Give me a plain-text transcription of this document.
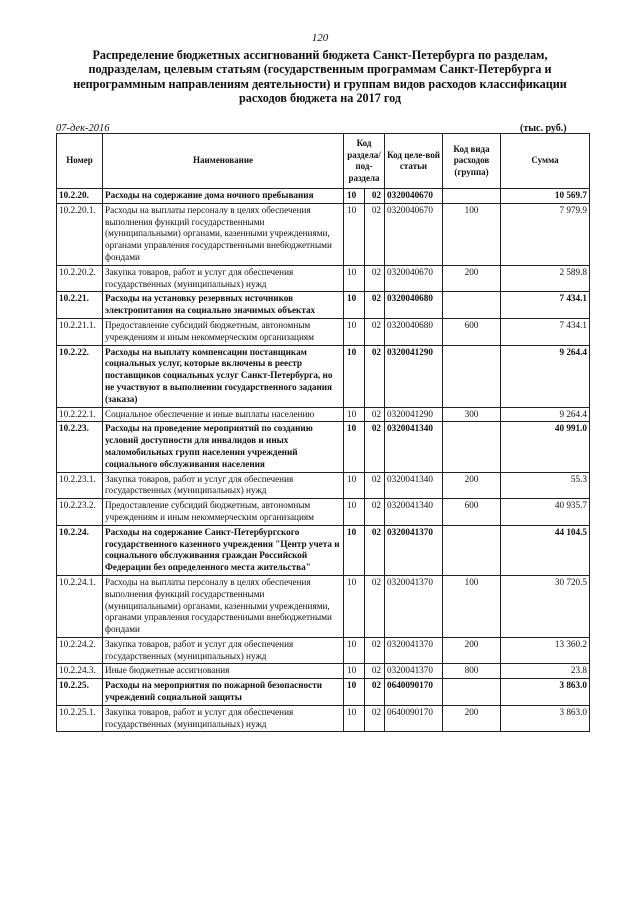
120
Распределение бюджетных ассигнований бюджета Санкт-Петербурга по разделам, подразделам, целевым статьям (государственным программам Санкт-Петербурга и непрограммным направлениям деятельности) и группам видов расходов классификации расходов бюджета на 2017 год
07-дек-2016	(тыс. руб.)
Номер	Наименование	Код раздела/ под-раздела		Код целе-вой статьи	Код вида расходов (группа)	Сумма
10.2.20.	Расходы на содержание дома ночного пребывания	10	02	0320040670		10 569.7
10.2.20.1.	Расходы на выплаты персоналу в целях обеспечения выполнения функций государственными (муниципальными) органами, казенными учреждениями, органами управления государственными внебюджетными фондами	10	02	0320040670	100	7 979.9
10.2.20.2.	Закупка товаров, работ и услуг для обеспечения государственных (муниципальных) нужд	10	02	0320040670	200	2 589.8
10.2.21.	Расходы на установку резервных источников электропитания на социально значимых объектах	10	02	0320040680		7 434.1
10.2.21.1.	Предоставление субсидий бюджетным, автономным учреждениям и иным некоммерческим организациям	10	02	0320040680	600	7 434.1
10.2.22.	Расходы на выплату компенсации поставщикам социальных услуг, которые включены в реестр поставщиков социальных услуг Санкт-Петербурга, но не участвуют в выполнении государственного задания (заказа)	10	02	0320041290		9 264.4
10.2.22.1.	Социальное обеспечение и иные выплаты населению	10	02	0320041290	300	9 264.4
10.2.23.	Расходы на проведение мероприятий по созданию условий доступности для инвалидов и иных маломобильных групп населения учреждений социального обслуживания населения	10	02	0320041340		40 991.0
10.2.23.1.	Закупка товаров, работ и услуг для обеспечения государственных (муниципальных) нужд	10	02	0320041340	200	55.3
10.2.23.2.	Предоставление субсидий бюджетным, автономным учреждениям и иным некоммерческим организациям	10	02	0320041340	600	40 935.7
10.2.24.	Расходы на содержание Санкт-Петербургского государственного казенного учреждения "Центр учета и социального обслуживания граждан Российской Федерации без определенного места жительства"	10	02	0320041370		44 104.5
10.2.24.1.	Расходы на выплаты персоналу в целях обеспечения выполнения функций государственными (муниципальными) органами, казенными учреждениями, органами управления государственными внебюджетными фондами	10	02	0320041370	100	30 720.5
10.2.24.2.	Закупка товаров, работ и услуг для обеспечения государственных (муниципальных) нужд	10	02	0320041370	200	13 360.2
10.2.24.3.	Иные бюджетные ассигнования	10	02	0320041370	800	23.8
10.2.25.	Расходы на мероприятия по пожарной безопасности учреждений социальной защиты	10	02	0640090170		3 863.0
10.2.25.1.	Закупка товаров, работ и услуг для обеспечения государственных (муниципальных) нужд	10	02	0640090170	200	3 863.0
